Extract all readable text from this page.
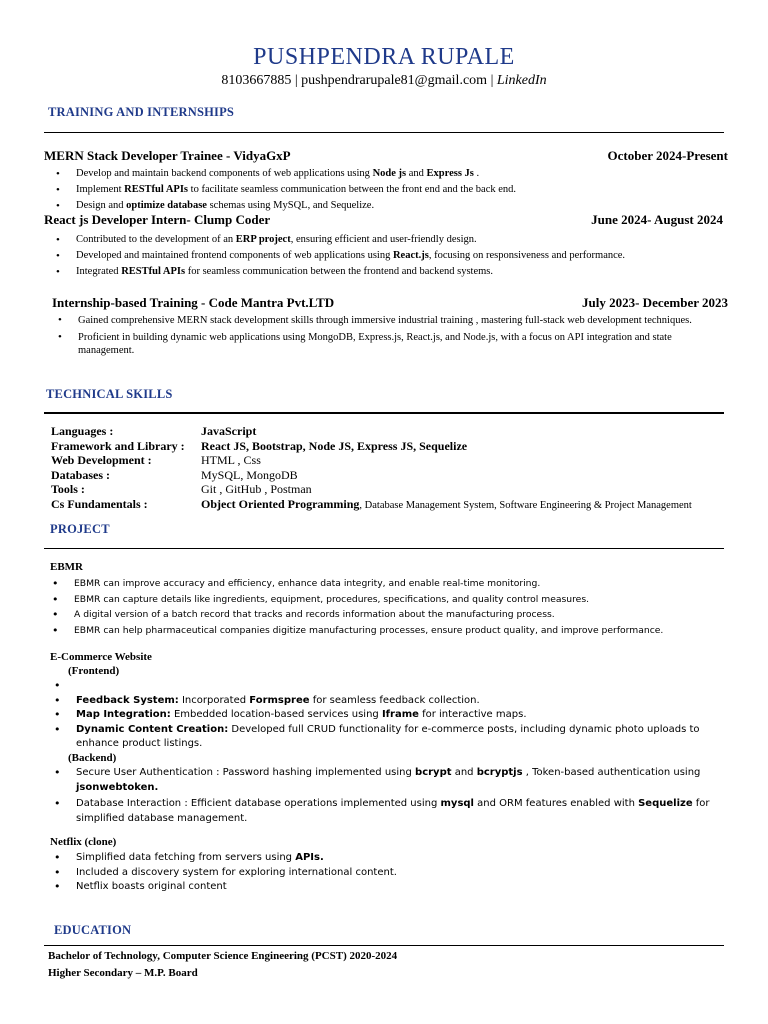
PUSHPENDRA RUPALE
8103667885 | pushpendrarupale81@gmail.com | LinkedIn
TRAINING AND INTERNSHIPS
MERN Stack Developer Trainee - VidyaGxP	October 2024-Present
• Develop and maintain backend components of web applications using Node js and Express Js .
• Implement RESTful APIs to facilitate seamless communication between the front end and the back end.
• Design and optimize database schemas using MySQL, and Sequelize.
React js Developer Intern- Clump Coder	June 2024- August 2024
• Contributed to the development of an ERP project, ensuring efficient and user-friendly design.
• Developed and maintained frontend components of web applications using React.js, focusing on responsiveness and performance.
• Integrated RESTful APIs for seamless communication between the frontend and backend systems.
Internship-based Training - Code Mantra Pvt.LTD	July 2023- December 2023
• Gained comprehensive MERN stack development skills through immersive industrial training , mastering full-stack web development techniques.
• Proficient in building dynamic web applications using MongoDB, Express.js, React.js, and Node.js, with a focus on API integration and state management.
TECHNICAL SKILLS
Languages :	JavaScript
Framework and Library :	React JS, Bootstrap, Node JS, Express JS, Sequelize
Web Development :	HTML , Css
Databases :	MySQL, MongoDB
Tools :	Git , GitHub , Postman
Cs Fundamentals :	Object Oriented Programming, Database Management System, Software Engineering & Project Management
PROJECT
EBMR
• EBMR can improve accuracy and efficiency, enhance data integrity, and enable real-time monitoring.
• EBMR can capture details like ingredients, equipment, procedures, specifications, and quality control measures.
• A digital version of a batch record that tracks and records information about the manufacturing process.
• EBMR can help pharmaceutical companies digitize manufacturing processes, ensure product quality, and improve performance.
E-Commerce Website
(Frontend)
•
• Feedback System: Incorporated Formspree for seamless feedback collection.
• Map Integration: Embedded location-based services using Iframe for interactive maps.
• Dynamic Content Creation: Developed full CRUD functionality for e-commerce posts, including dynamic photo uploads to enhance product listings.
(Backend)
• Secure User Authentication : Password hashing implemented using bcrypt and bcryptjs , Token-based authentication using jsonwebtoken.
• Database Interaction : Efficient database operations implemented using mysql and ORM features enabled with Sequelize for simplified database management.
Netflix (clone)
• Simplified data fetching from servers using APIs.
• Included a discovery system for exploring international content.
• Netflix boasts original content
EDUCATION
Bachelor of Technology, Computer Science Engineering (PCST) 2020-2024
Higher Secondary – M.P. Board
